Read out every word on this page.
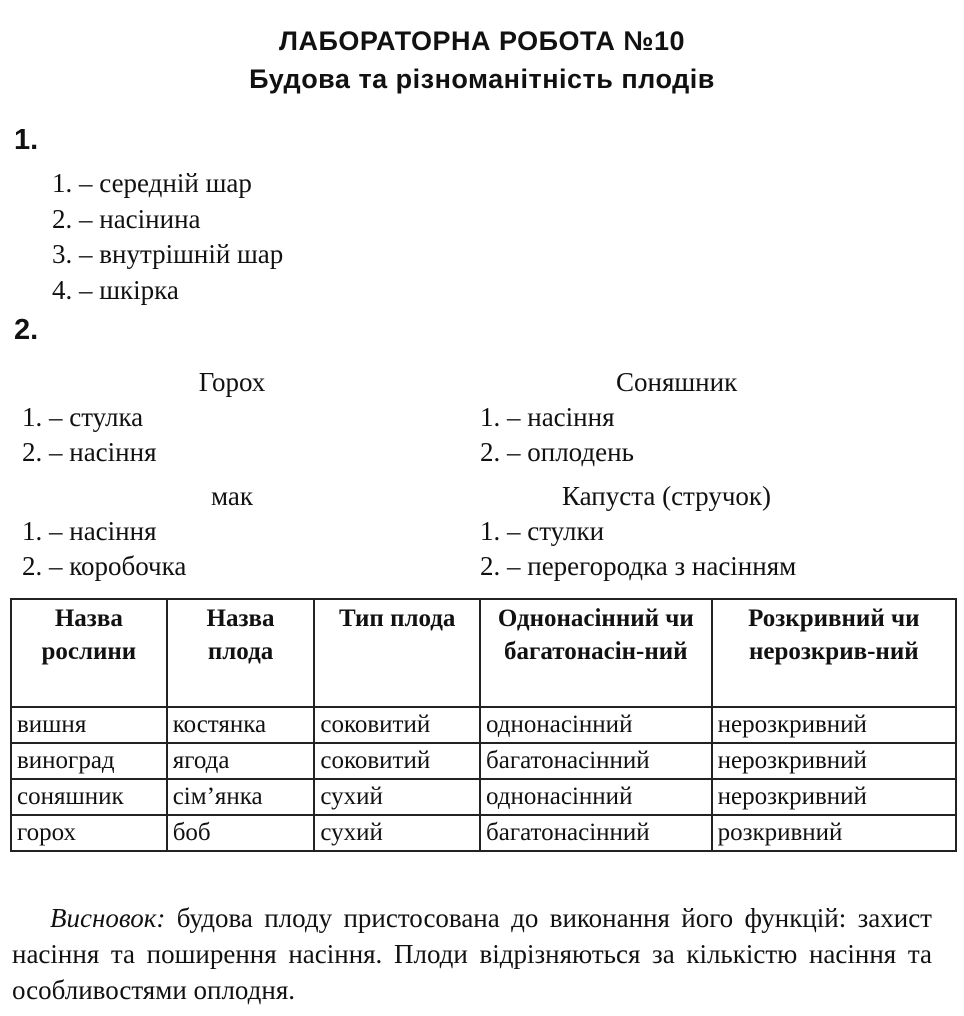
ЛАБОРАТОРНА РОБОТА №10
Будова та різноманітність плодів
1.
1. – середній шар
2. – насінина
3. – внутрішній шар
4. – шкірка
2.
Горох
1. – стулка
2. – насіння
Соняшник
1. – насіння
2. – оплодень
мак
1. – насіння
2. – коробочка
Капуста (стручок)
1. – стулки
2. – перегородка з насінням
Назва рослини	Назва плода	Тип плода	Однонасінний чи багатонасін-ний	Розкривний чи нерозкрив-ний
вишня	костянка	соковитий	однонасінний	нерозкривний
виноград	ягода	соковитий	багатонасінний	нерозкривний
соняшник	сім’янка	сухий	однонасінний	нерозкривний
горох	боб	сухий	багатонасінний	розкривний
Висновок: будова плоду пристосована до виконання його функцій: захист насіння та поширення насіння. Плоди відрізняються за кількістю насіння та особливостями оплодня.
